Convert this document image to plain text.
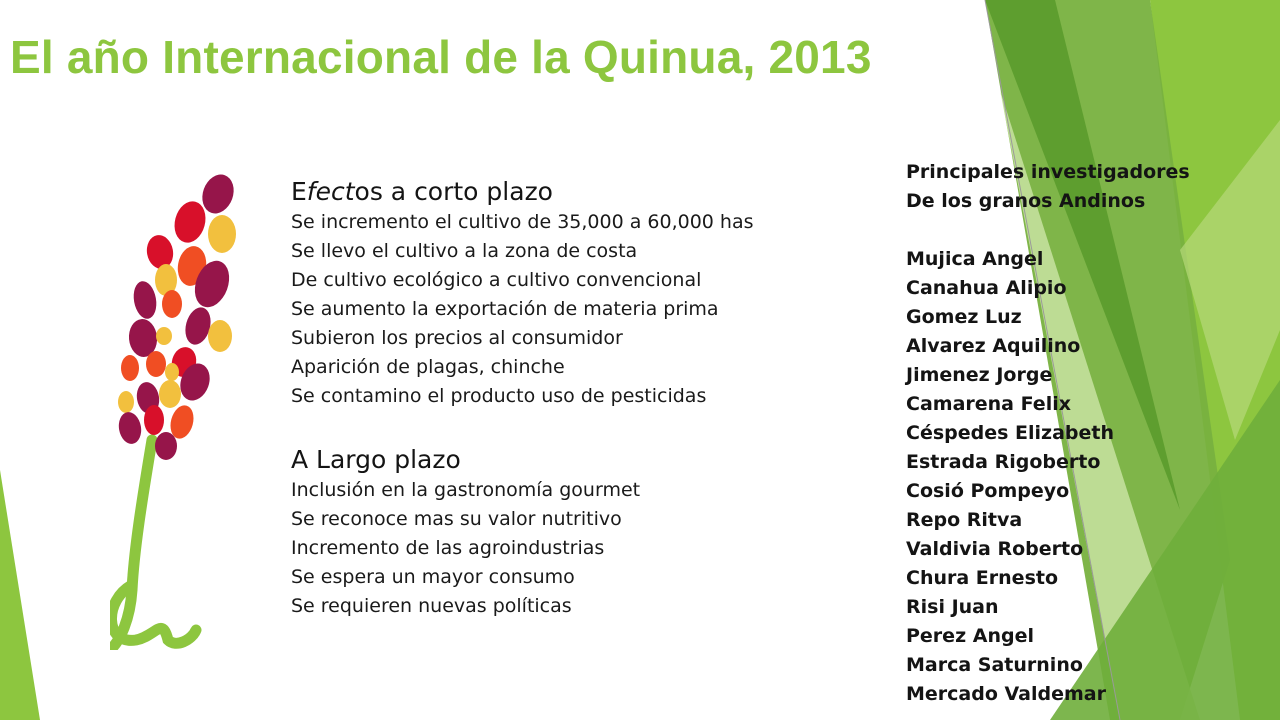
El año Internacional de la Quinua, 2013
Efectos a corto plazo
Se incremento el cultivo de 35,000 a 60,000 has
Se llevo el cultivo a la zona de costa
De cultivo ecológico a cultivo convencional
Se aumento la exportación de materia prima
Subieron los precios al consumidor
Aparición de plagas, chinche
Se contamino el producto uso de pesticidas
A Largo plazo
Inclusión en la gastronomía gourmet
Se reconoce mas su valor nutritivo
Incremento de las agroindustrias
Se espera un mayor consumo
Se requieren nuevas políticas
Principales investigadores
De los granos Andinos
Mujica Angel
Canahua Alipio
Gomez Luz
Alvarez Aquilino
Jimenez Jorge
Camarena Felix
Céspedes Elizabeth
Estrada Rigoberto
Cosió Pompeyo
Repo Ritva
Valdivia Roberto
Chura Ernesto
Risi Juan
Perez Angel
Marca Saturnino
Mercado Valdemar
